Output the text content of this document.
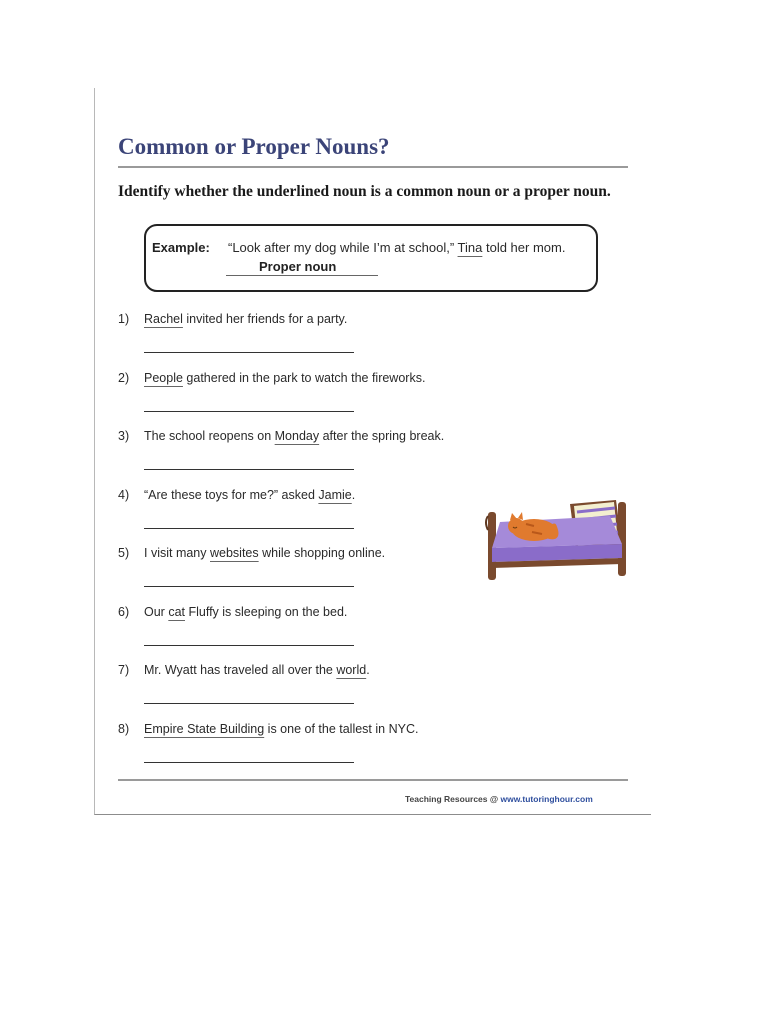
Common or Proper Nouns?

Identify whether the underlined noun is a common noun or a proper noun.

Example: “Look after my dog while I’m at school,” Tina told her mom.
Proper noun
1) Rachel invited her friends for a party.
2) People gathered in the park to watch the fireworks.
3) The school reopens on Monday after the spring break.
4) “Are these toys for me?” asked Jamie.
5) I visit many websites while shopping online.
6) Our cat Fluffy is sleeping on the bed.
7) Mr. Wyatt has traveled all over the world.
8) Empire State Building is one of the tallest in NYC.
Teaching Resources @ www.tutoringhour.com
